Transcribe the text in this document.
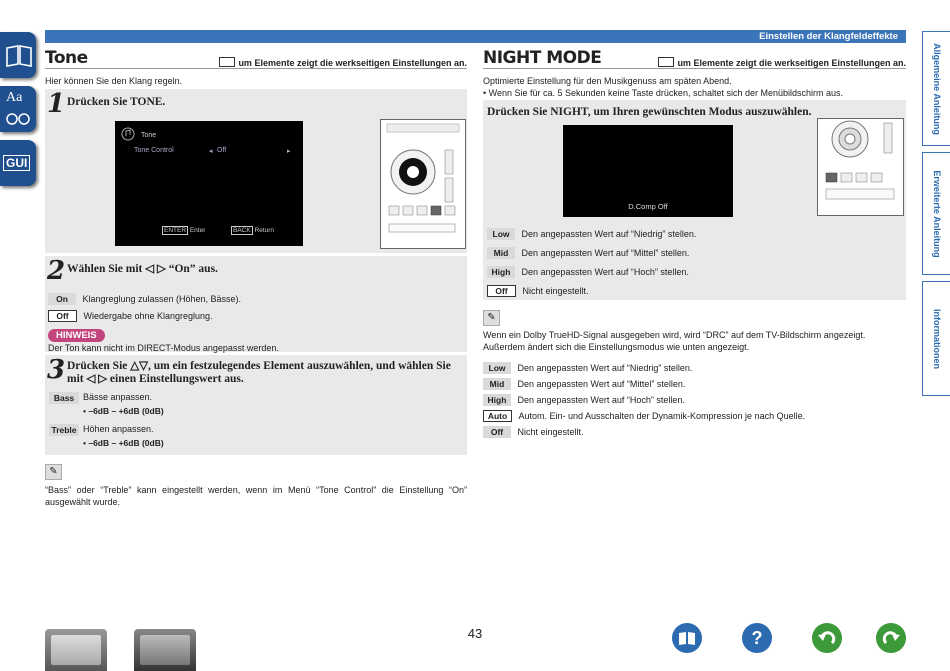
Einstellen der Klangfeldeffekte
Aa
GUI
Allgemeine Anleitung
Erweiterte Anleitung
Informationen
Tone	um Elemente zeigt die werkseitigen Einstellungen an.
Hier können Sie den Klang regeln.
1 Drücken Sie TONE.
Tone
Tone Control	◂ Off	▸
ENTER Enter	BACK Return
2 Wählen Sie mit ◁ ▷ “On” aus.
On Klangreglung zulassen (Höhen, Bässe).
Off Wiedergabe ohne Klangreglung.
HINWEIS
Der Ton kann nicht im DIRECT-Modus angepasst werden.
3 Drücken Sie △▽, um ein festzulegendes Element auszuwählen, und wählen Sie mit ◁ ▷ einen Einstellungswert aus.
Bass Bässe anpassen.
• –6dB – +6dB (0dB)
Treble Höhen anpassen.
• –6dB – +6dB (0dB)
✎
“Bass” oder “Treble” kann eingestellt werden, wenn im Menü “Tone Control” die Einstellung “On” ausgewählt wurde.
NIGHT MODE	um Elemente zeigt die werkseitigen Einstellungen an.
Optimierte Einstellung für den Musikgenuss am späten Abend.
• Wenn Sie für ca. 5 Sekunden keine Taste drücken, schaltet sich der Menübildschirm aus.
Drücken Sie NIGHT, um Ihren gewünschten Modus auszuwählen.
D.Comp Off
Low Den angepassten Wert auf “Niedrig” stellen.
Mid Den angepassten Wert auf “Mittel” stellen.
High Den angepassten Wert auf “Hoch” stellen.
Off Nicht eingestellt.
✎
Wenn ein Dolby TrueHD-Signal ausgegeben wird, wird “DRC” auf dem TV-Bildschirm angezeigt. Außerdem ändert sich die Einstellungsmodus wie unten angezeigt.
Low Den angepassten Wert auf “Niedrig” stellen.
Mid Den angepassten Wert auf “Mittel” stellen.
High Den angepassten Wert auf “Hoch” stellen.
Auto Autom. Ein- und Ausschalten der Dynamik-Kompression je nach Quelle.
Off Nicht eingestellt.
43	?
